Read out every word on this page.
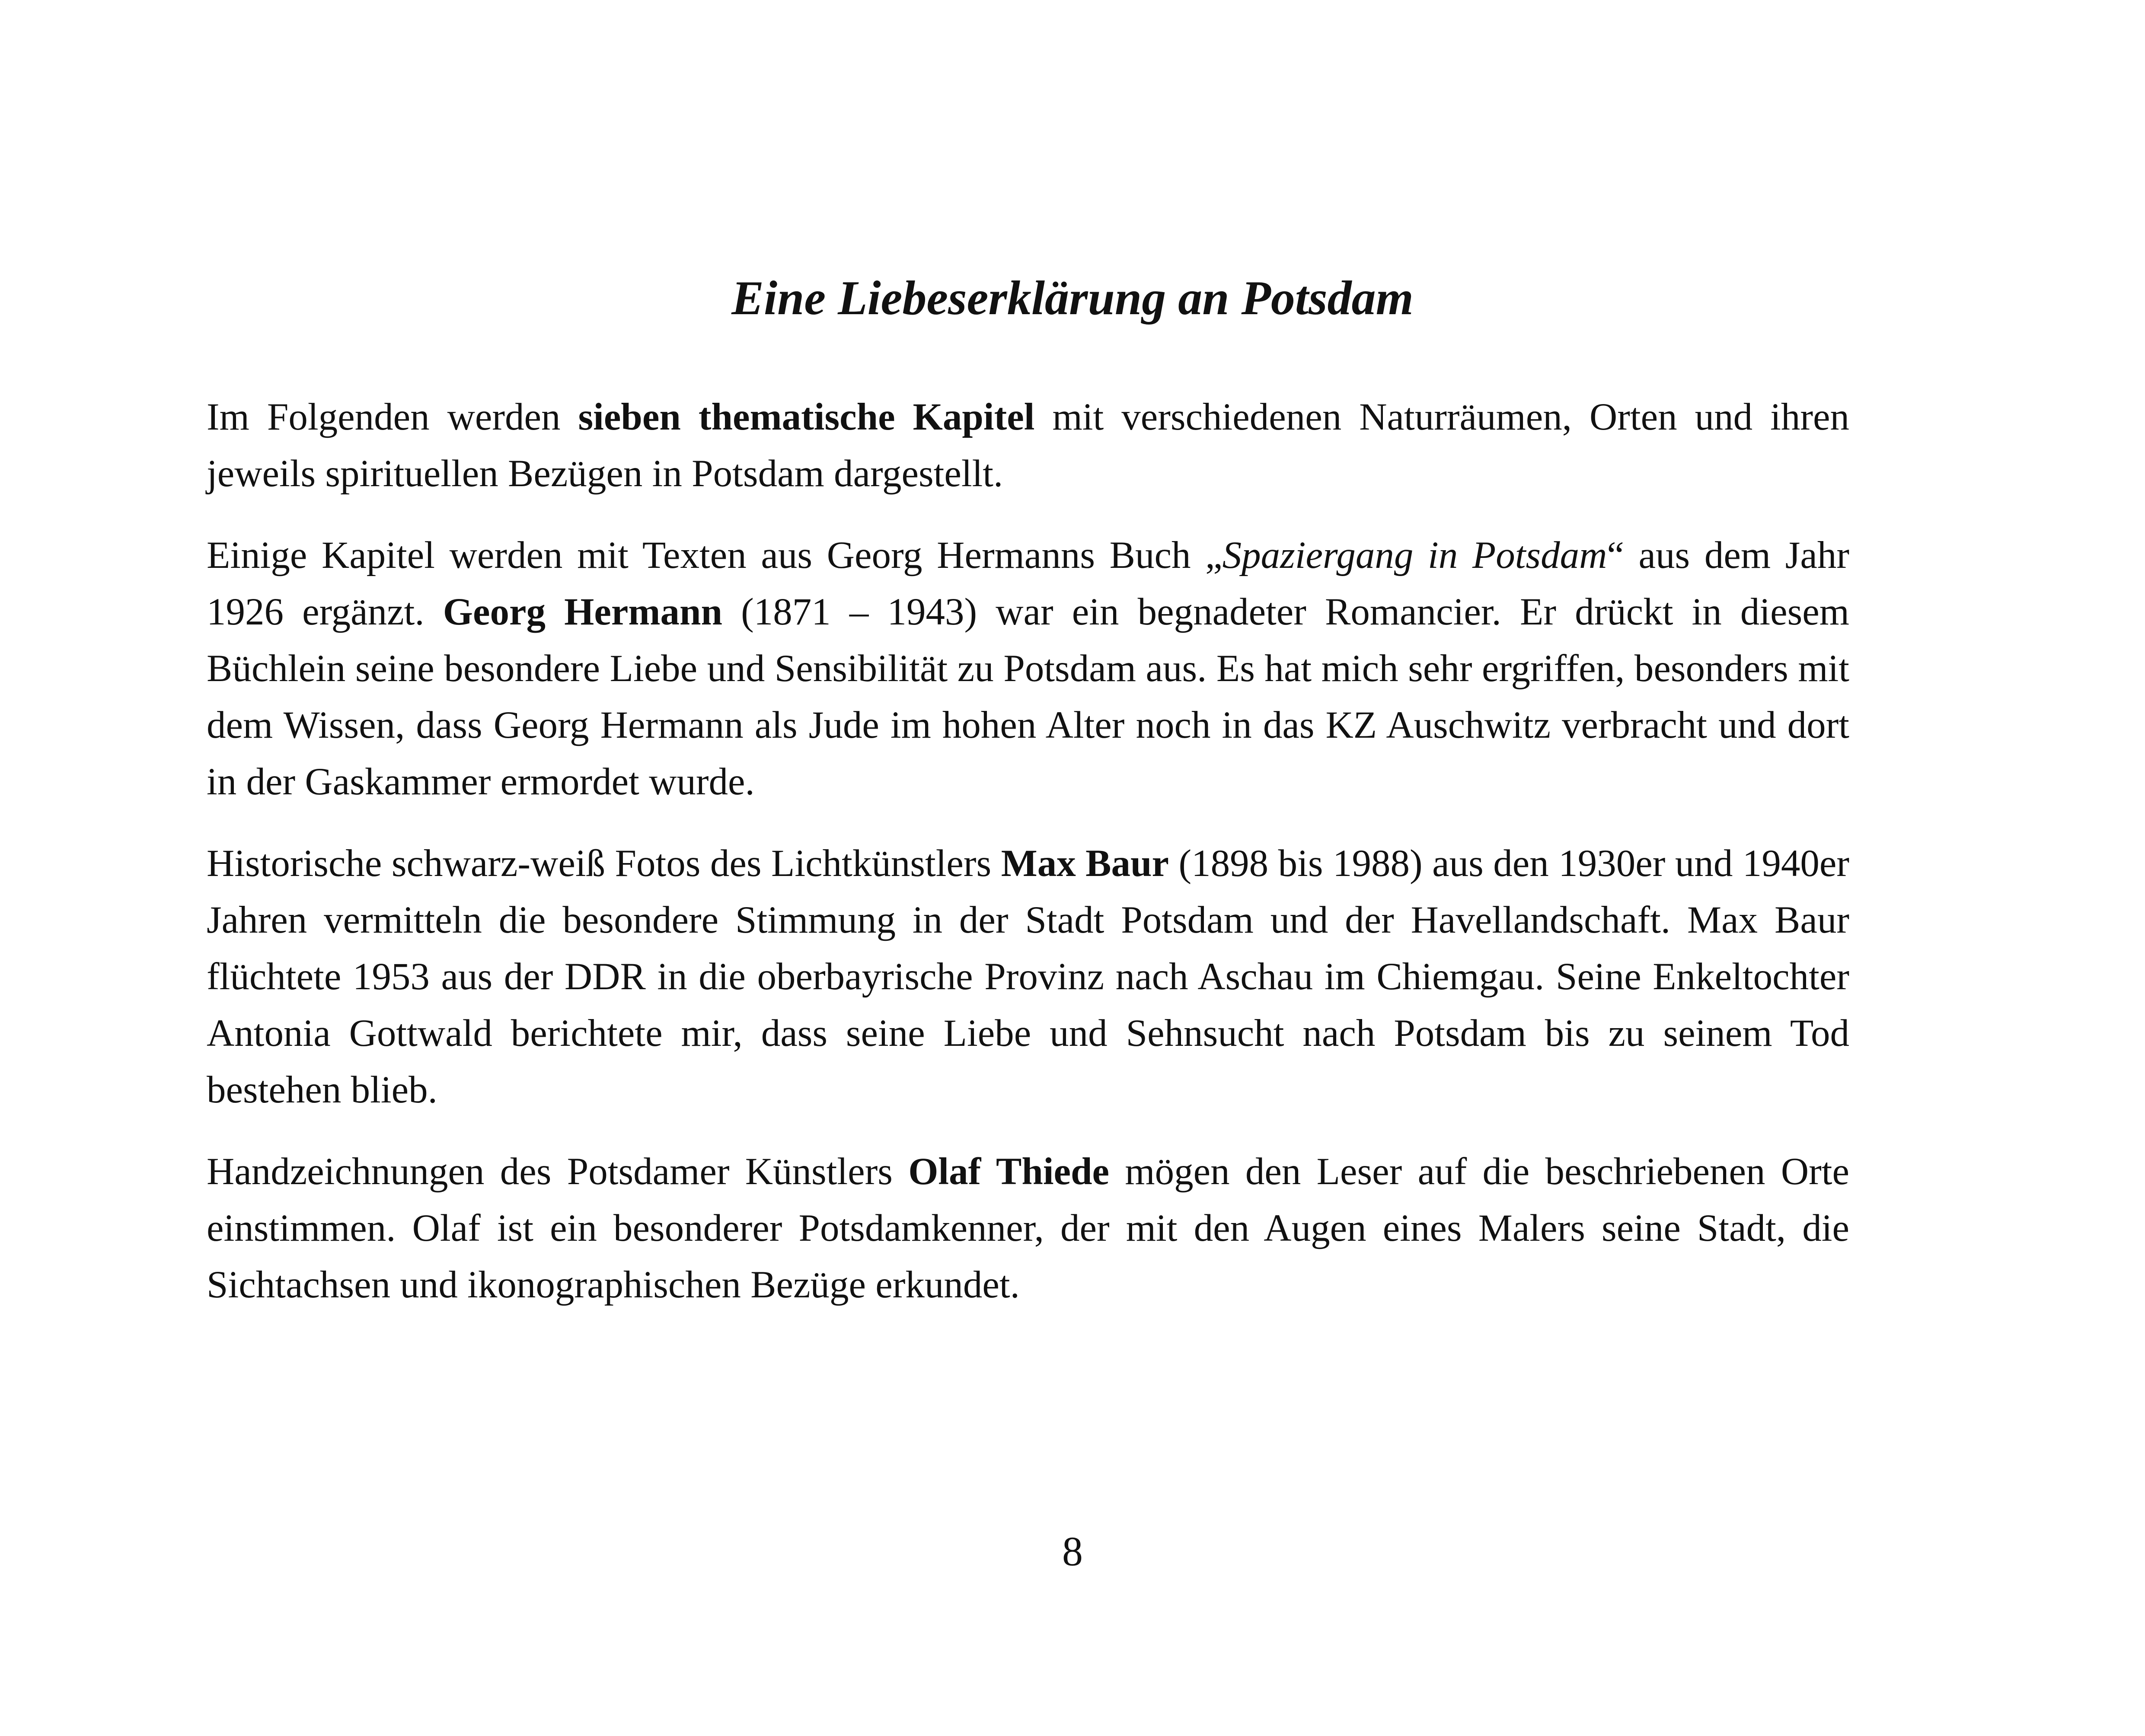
Eine Liebeserklärung an Potsdam

Im Folgenden werden sieben thematische Kapitel mit verschiedenen Naturräumen, Orten und ihren jeweils spirituellen Bezügen in Potsdam dargestellt.

Einige Kapitel werden mit Texten aus Georg Hermanns Buch „Spaziergang in Potsdam“ aus dem Jahr 1926 ergänzt. Georg Hermann (1871 – 1943) war ein begnadeter Romancier. Er drückt in diesem Büchlein seine besondere Liebe und Sensibilität zu Potsdam aus. Es hat mich sehr ergriffen, besonders mit dem Wissen, dass Georg Hermann als Jude im hohen Alter noch in das KZ Auschwitz verbracht und dort in der Gaskammer ermordet wurde.

Historische schwarz-weiß Fotos des Lichtkünstlers Max Baur (1898 bis 1988) aus den 1930er und 1940er Jahren vermitteln die besondere Stimmung in der Stadt Potsdam und der Havellandschaft. Max Baur flüchtete 1953 aus der DDR in die oberbayrische Provinz nach Aschau im Chiemgau. Seine Enkeltochter Antonia Gottwald berichtete mir, dass seine Liebe und Sehnsucht nach Potsdam bis zu seinem Tod bestehen blieb.

Handzeichnungen des Potsdamer Künstlers Olaf Thiede mögen den Leser auf die beschriebenen Orte einstimmen. Olaf ist ein besonderer Potsdamkenner, der mit den Augen eines Malers seine Stadt, die Sichtachsen und ikonographischen Bezüge erkundet.

8
